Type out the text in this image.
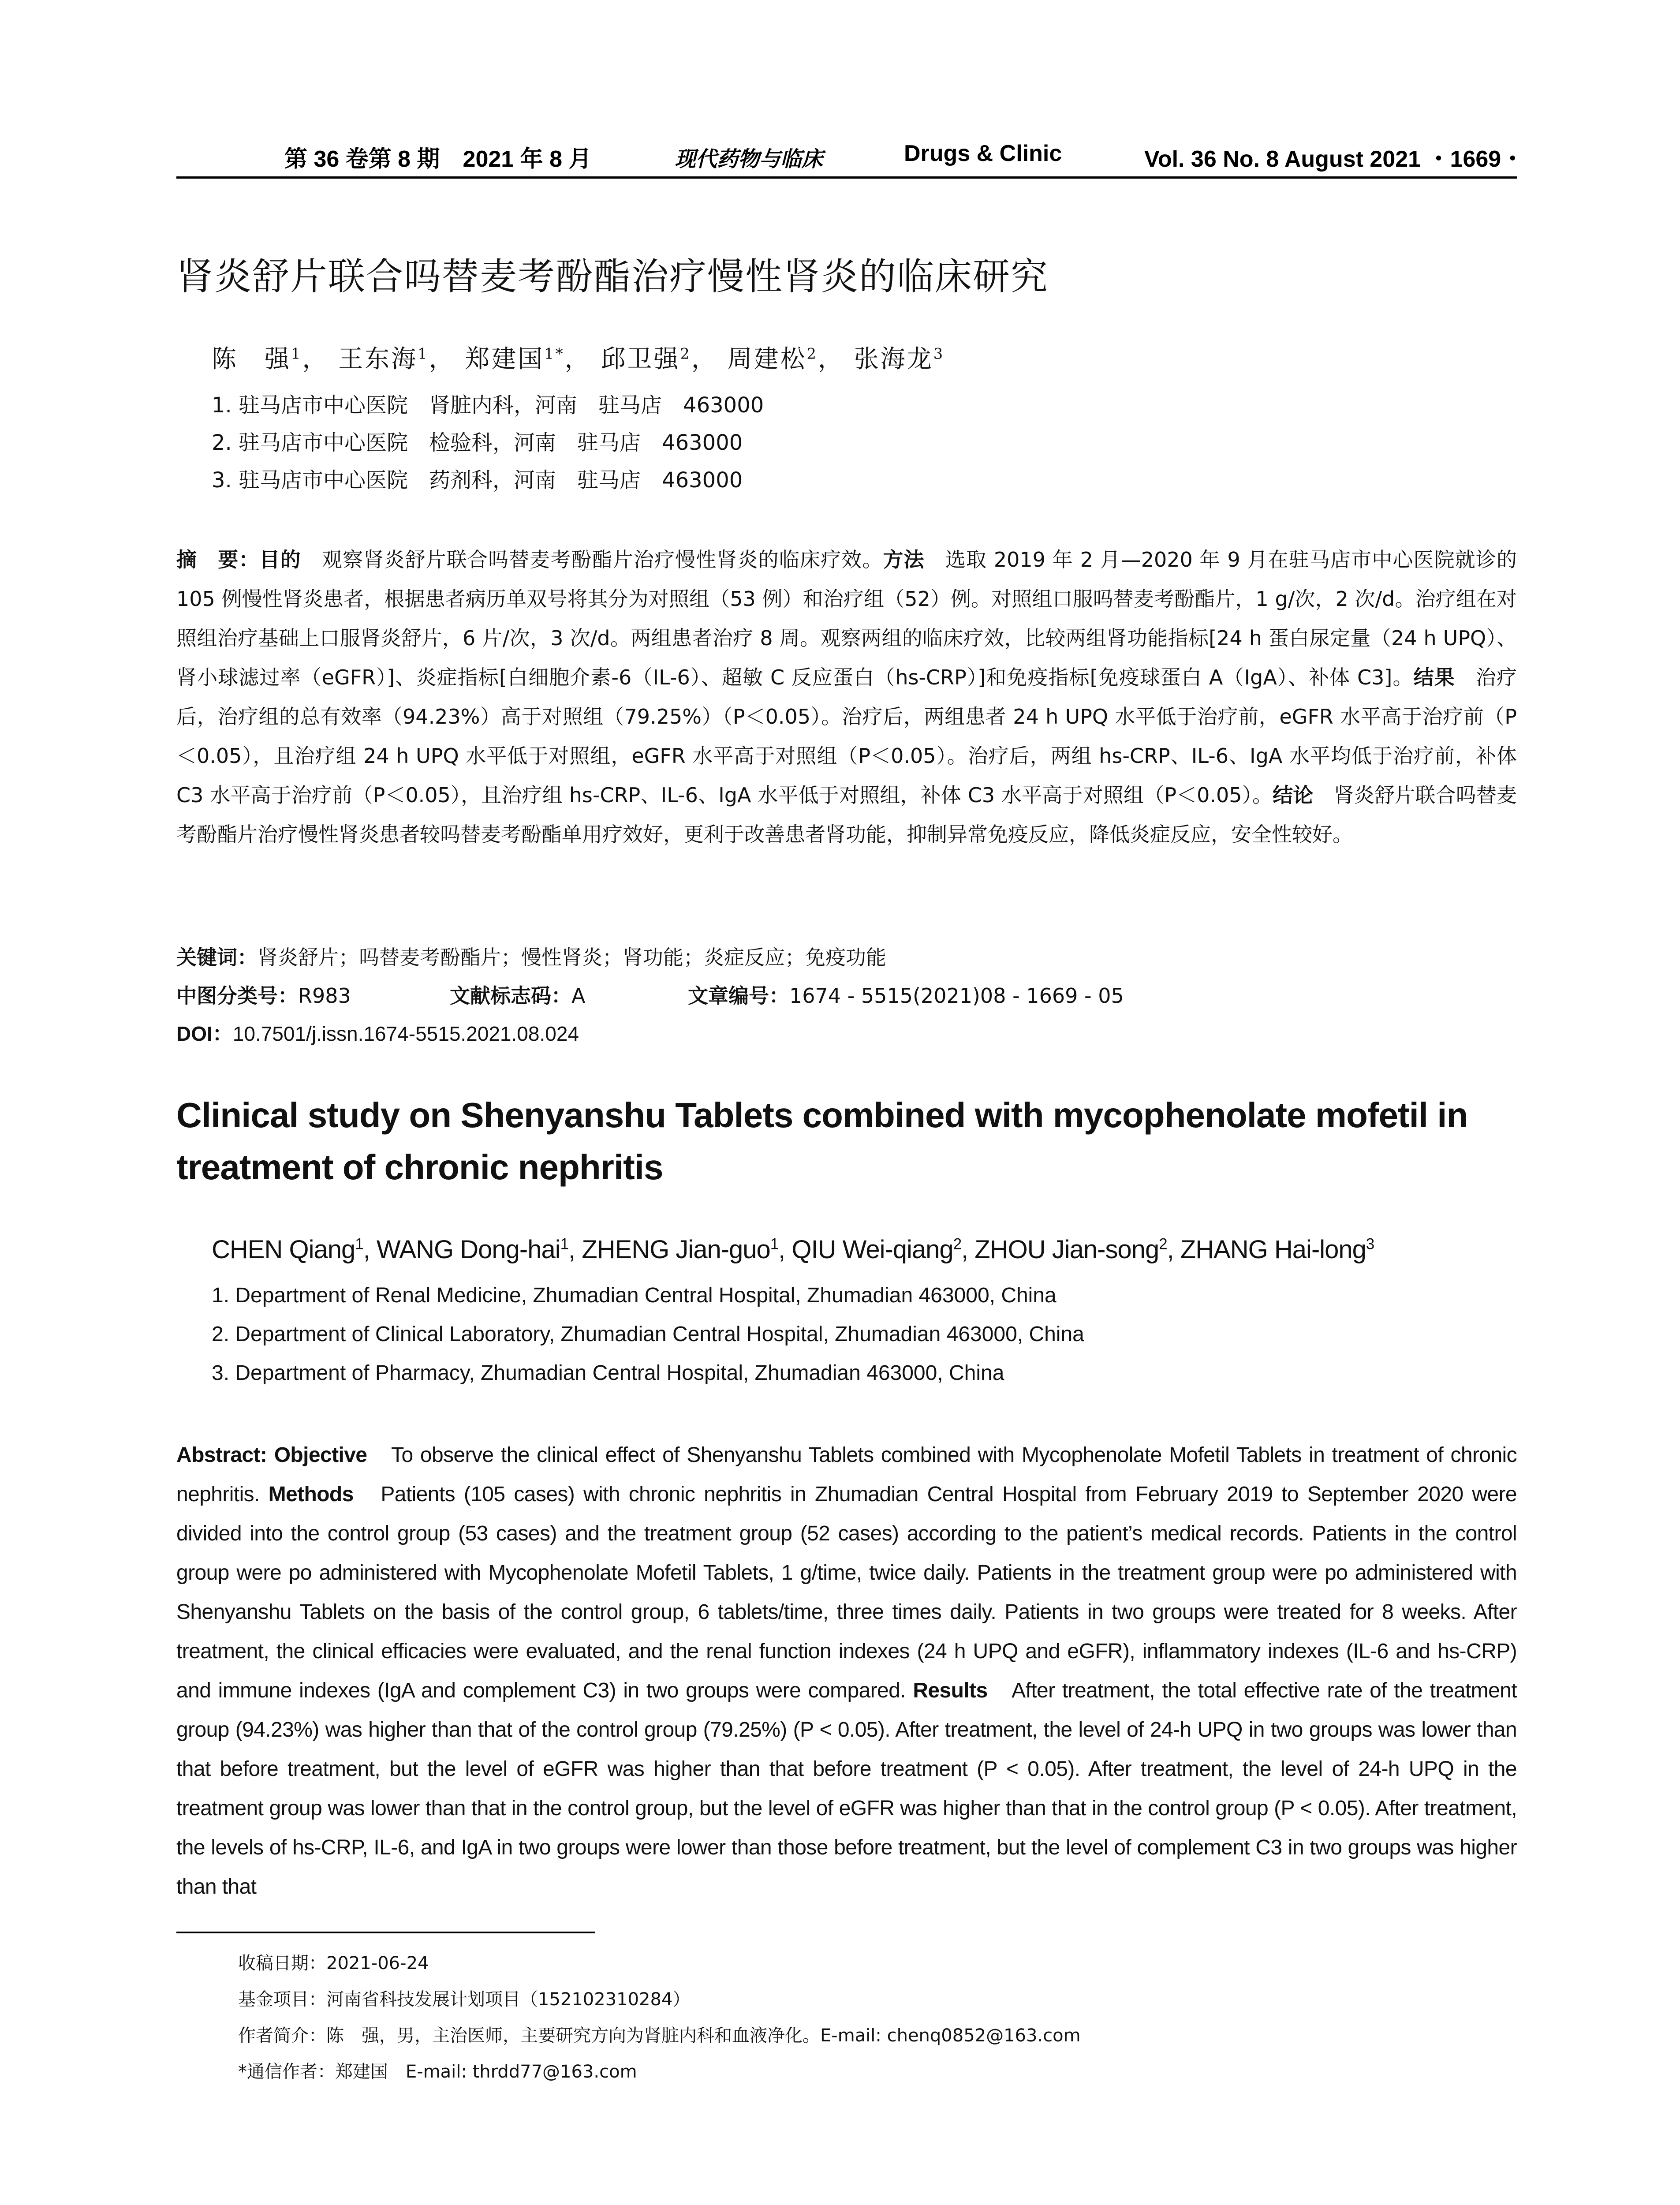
第 36 卷第 8 期　2021 年 8 月	现代药物与临床	Drugs & Clinic	Vol. 36 No. 8 August 2021 ・1669・
肾炎舒片联合吗替麦考酚酯治疗慢性肾炎的临床研究
陈　强$^1$， 王东海$^1$， 郑建国$^{1*}$， 邱卫强$^2$， 周建松$^2$， 张海龙$^3$
1. 驻马店市中心医院　肾脏内科，河南　驻马店　463000
2. 驻马店市中心医院　检验科，河南　驻马店　463000
3. 驻马店市中心医院　药剂科，河南　驻马店　463000
摘　要：目的　观察肾炎舒片联合吗替麦考酚酯片治疗慢性肾炎的临床疗效。方法　选取 2019 年 2 月—2020 年 9 月在驻马店市中心医院就诊的 105 例慢性肾炎患者，根据患者病历单双号将其分为对照组（53 例）和治疗组（52）例。对照组口服吗替麦考酚酯片，1 g/次，2 次/d。治疗组在对照组治疗基础上口服肾炎舒片，6 片/次，3 次/d。两组患者治疗 8 周。观察两组的临床疗效，比较两组肾功能指标[24 h 蛋白尿定量（24 h UPQ）、肾小球滤过率（eGFR）]、炎症指标[白细胞介素-6（IL-6）、超敏 C 反应蛋白（hs-CRP）]和免疫指标[免疫球蛋白 A（IgA）、补体 C3]。结果　治疗后，治疗组的总有效率（94.23%）高于对照组（79.25%）（P＜0.05）。治疗后，两组患者 24 h UPQ 水平低于治疗前，eGFR 水平高于治疗前（P＜0.05），且治疗组 24 h UPQ 水平低于对照组，eGFR 水平高于对照组（P＜0.05）。治疗后，两组 hs-CRP、IL-6、IgA 水平均低于治疗前，补体 C3 水平高于治疗前（P＜0.05），且治疗组 hs-CRP、IL-6、IgA 水平低于对照组，补体 C3 水平高于对照组（P＜0.05）。结论　肾炎舒片联合吗替麦考酚酯片治疗慢性肾炎患者较吗替麦考酚酯单用疗效好，更利于改善患者肾功能，抑制异常免疫反应，降低炎症反应，安全性较好。
关键词：肾炎舒片；吗替麦考酚酯片；慢性肾炎；肾功能；炎症反应；免疫功能
中图分类号：R983	文献标志码：A	文章编号：1674 - 5515(2021)08 - 1669 - 05
DOI：10.7501/j.issn.1674-5515.2021.08.024
Clinical study on Shenyanshu Tablets combined with mycophenolate mofetil in
treatment of chronic nephritis
CHEN Qiang$^1$, WANG Dong-hai$^1$, ZHENG Jian-guo$^1$, QIU Wei-qiang$^2$, ZHOU Jian-song$^2$, ZHANG Hai-long$^3$
1. Department of Renal Medicine, Zhumadian Central Hospital, Zhumadian 463000, China
2. Department of Clinical Laboratory, Zhumadian Central Hospital, Zhumadian 463000, China
3. Department of Pharmacy, Zhumadian Central Hospital, Zhumadian 463000, China
Abstract: Objective　To observe the clinical effect of Shenyanshu Tablets combined with Mycophenolate Mofetil Tablets in treatment of chronic nephritis. Methods　Patients (105 cases) with chronic nephritis in Zhumadian Central Hospital from February 2019 to September 2020 were divided into the control group (53 cases) and the treatment group (52 cases) according to the patient’s medical records. Patients in the control group were po administered with Mycophenolate Mofetil Tablets, 1 g/time, twice daily. Patients in the treatment group were po administered with Shenyanshu Tablets on the basis of the control group, 6 tablets/time, three times daily. Patients in two groups were treated for 8 weeks. After treatment, the clinical efficacies were evaluated, and the renal function indexes (24 h UPQ and eGFR), inflammatory indexes (IL-6 and hs-CRP) and immune indexes (IgA and complement C3) in two groups were compared. Results　After treatment, the total effective rate of the treatment group (94.23%) was higher than that of the control group (79.25%) (P < 0.05). After treatment, the level of 24-h UPQ in two groups was lower than that before treatment, but the level of eGFR was higher than that before treatment (P < 0.05). After treatment, the level of 24-h UPQ in the treatment group was lower than that in the control group, but the level of eGFR was higher than that in the control group (P < 0.05). After treatment, the levels of hs-CRP, IL-6, and IgA in two groups were lower than those before treatment, but the level of complement C3 in two groups was higher than that
收稿日期：2021-06-24
基金项目：河南省科技发展计划项目（152102310284）
作者简介：陈　强，男，主治医师，主要研究方向为肾脏内科和血液净化。E-mail: chenq0852@163.com
*通信作者：郑建国　E-mail: thrdd77@163.com
